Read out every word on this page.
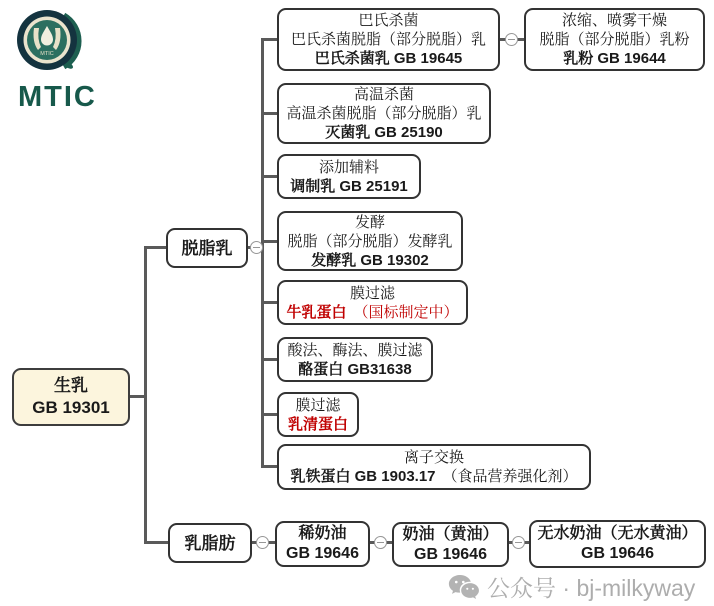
MTIC
MTIC
生乳
GB 19301
脱脂乳
乳脂肪
巴氏杀菌
巴氏杀菌脱脂（部分脱脂）乳
巴氏杀菌乳 GB 19645
浓缩、喷雾干燥
脱脂（部分脱脂）乳粉
乳粉 GB 19644
高温杀菌
高温杀菌脱脂（部分脱脂）乳
灭菌乳 GB 25190
添加辅料
调制乳 GB 25191
发酵
脱脂（部分脱脂）发酵乳
发酵乳 GB 19302
膜过滤
牛乳蛋白 （国标制定中）
酸法、酶法、膜过滤
酪蛋白 GB31638
膜过滤
乳清蛋白
离子交换
乳铁蛋白 GB 1903.17 （食品营养强化剂）
稀奶油
GB 19646
奶油（黄油）
GB 19646
无水奶油（无水黄油）
GB 19646
公众号 · bj-milkyway
